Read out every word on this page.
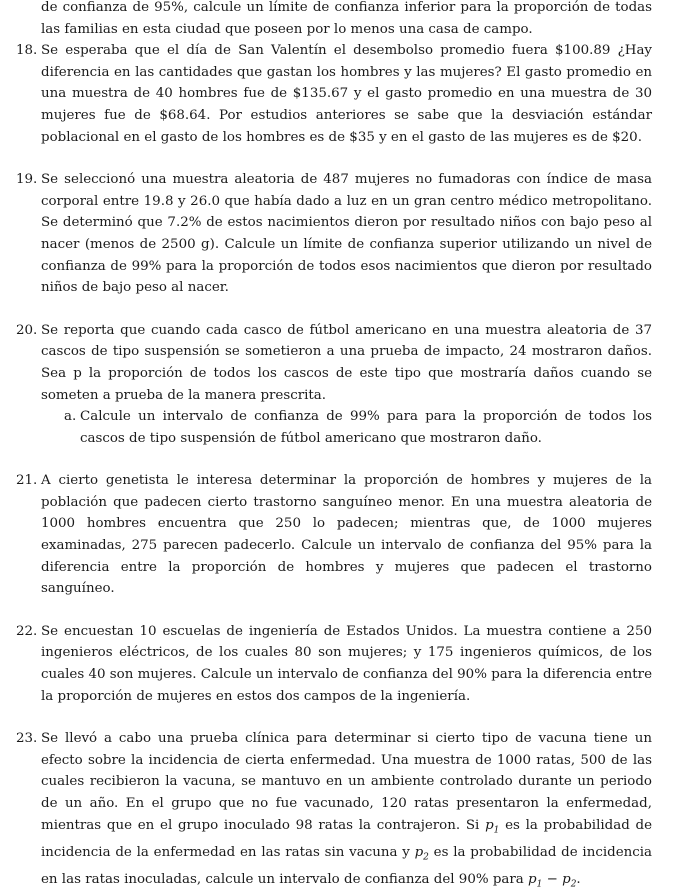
de confianza de 95%, calcule un límite de confianza inferior para la proporción de todas las familias en esta ciudad que poseen por lo menos una casa de campo.

18. Se esperaba que el día de San Valentín el desembolso promedio fuera $100.89 ¿Hay diferencia en las cantidades que gastan los hombres y las mujeres? El gasto promedio en una muestra de 40 hombres fue de $135.67 y el gasto promedio en una muestra de 30 mujeres fue de $68.64. Por estudios anteriores se sabe que la desviación estándar poblacional en el gasto de los hombres es de $35 y en el gasto de las mujeres es de $20.
19. Se seleccionó una muestra aleatoria de 487 mujeres no fumadoras con índice de masa corporal entre 19.8 y 26.0 que había dado a luz en un gran centro médico metropolitano. Se determinó que 7.2% de estos nacimientos dieron por resultado niños con bajo peso al nacer (menos de 2500 g). Calcule un límite de confianza superior utilizando un nivel de confianza de 99% para la proporción de todos esos nacimientos que dieron por resultado niños de bajo peso al nacer.
20. Se reporta que cuando cada casco de fútbol americano en una muestra aleatoria de 37 cascos de tipo suspensión se sometieron a una prueba de impacto, 24 mostraron daños. Sea p la proporción de todos los cascos de este tipo que mostraría daños cuando se someten a prueba de la manera prescrita.
a. Calcule un intervalo de confianza de 99% para para la proporción de todos los cascos de tipo suspensión de fútbol americano que mostraron daño.
21. A cierto genetista le interesa determinar la proporción de hombres y mujeres de la población que padecen cierto trastorno sanguíneo menor. En una muestra aleatoria de 1000 hombres encuentra que 250 lo padecen; mientras que, de 1000 mujeres examinadas, 275 parecen padecerlo. Calcule un intervalo de confianza del 95% para la diferencia entre la proporción de hombres y mujeres que padecen el trastorno sanguíneo.
22. Se encuestan 10 escuelas de ingeniería de Estados Unidos. La muestra contiene a 250 ingenieros eléctricos, de los cuales 80 son mujeres; y 175 ingenieros químicos, de los cuales 40 son mujeres. Calcule un intervalo de confianza del 90% para la diferencia entre la proporción de mujeres en estos dos campos de la ingeniería.
23. Se llevó a cabo una prueba clínica para determinar si cierto tipo de vacuna tiene un efecto sobre la incidencia de cierta enfermedad. Una muestra de 1000 ratas, 500 de las cuales recibieron la vacuna, se mantuvo en un ambiente controlado durante un periodo de un año. En el grupo que no fue vacunado, 120 ratas presentaron la enfermedad, mientras que en el grupo inoculado 98 ratas la contrajeron. Si $p_1$ es la probabilidad de incidencia de la enfermedad en las ratas sin vacuna y $p_2$ es la probabilidad de incidencia en las ratas inoculadas, calcule un intervalo de confianza del 90% para $p_1 - p_2$.
